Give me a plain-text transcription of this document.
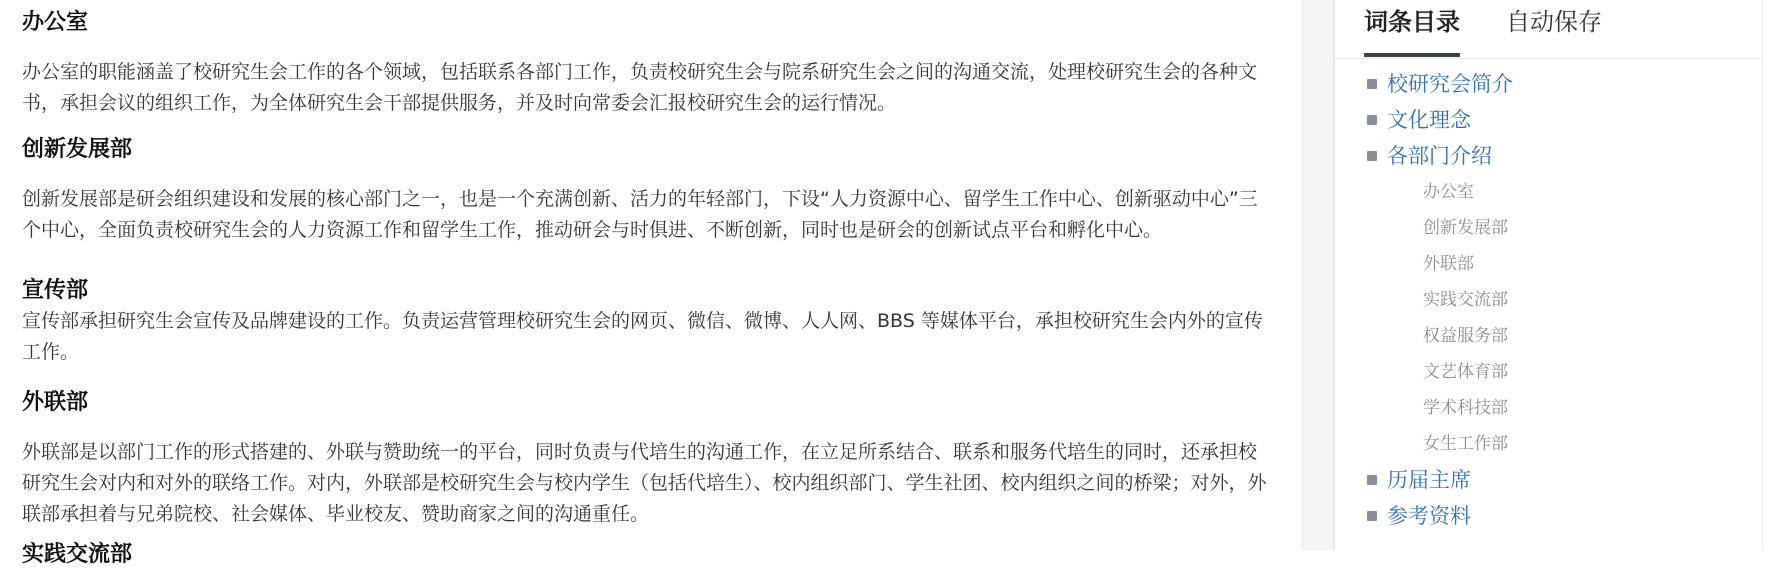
办公室

办公室的职能涵盖了校研究生会工作的各个领域，包括联系各部门工作，负责校研究生会与院系研究生会之间的沟通交流，处理校研究生会的各种文书，承担会议的组织工作，为全体研究生会干部提供服务，并及时向常委会汇报校研究生会的运行情况。

创新发展部

创新发展部是研会组织建设和发展的核心部门之一，也是一个充满创新、活力的年轻部门，下设“人力资源中心、留学生工作中心、创新驱动中心”三个中心，全面负责校研究生会的人力资源工作和留学生工作，推动研会与时俱进、不断创新，同时也是研会的创新试点平台和孵化中心。

宣传部

宣传部承担研究生会宣传及品牌建设的工作。负责运营管理校研究生会的网页、微信、微博、人人网、BBS 等媒体平台，承担校研究生会内外的宣传工作。

外联部

外联部是以部门工作的形式搭建的、外联与赞助统一的平台，同时负责与代培生的沟通工作，在立足所系结合、联系和服务代培生的同时，还承担校研究生会对内和对外的联络工作。对内，外联部是校研究生会与校内学生（包括代培生）、校内组织部门、学生社团、校内组织之间的桥梁；对外，外联部承担着与兄弟院校、社会媒体、毕业校友、赞助商家之间的沟通重任。

实践交流部
词条目录 自动保存
校研究会简介
文化理念
各部门介绍
办公室
创新发展部
外联部
实践交流部
权益服务部
文艺体育部
学术科技部
女生工作部
历届主席
参考资料
